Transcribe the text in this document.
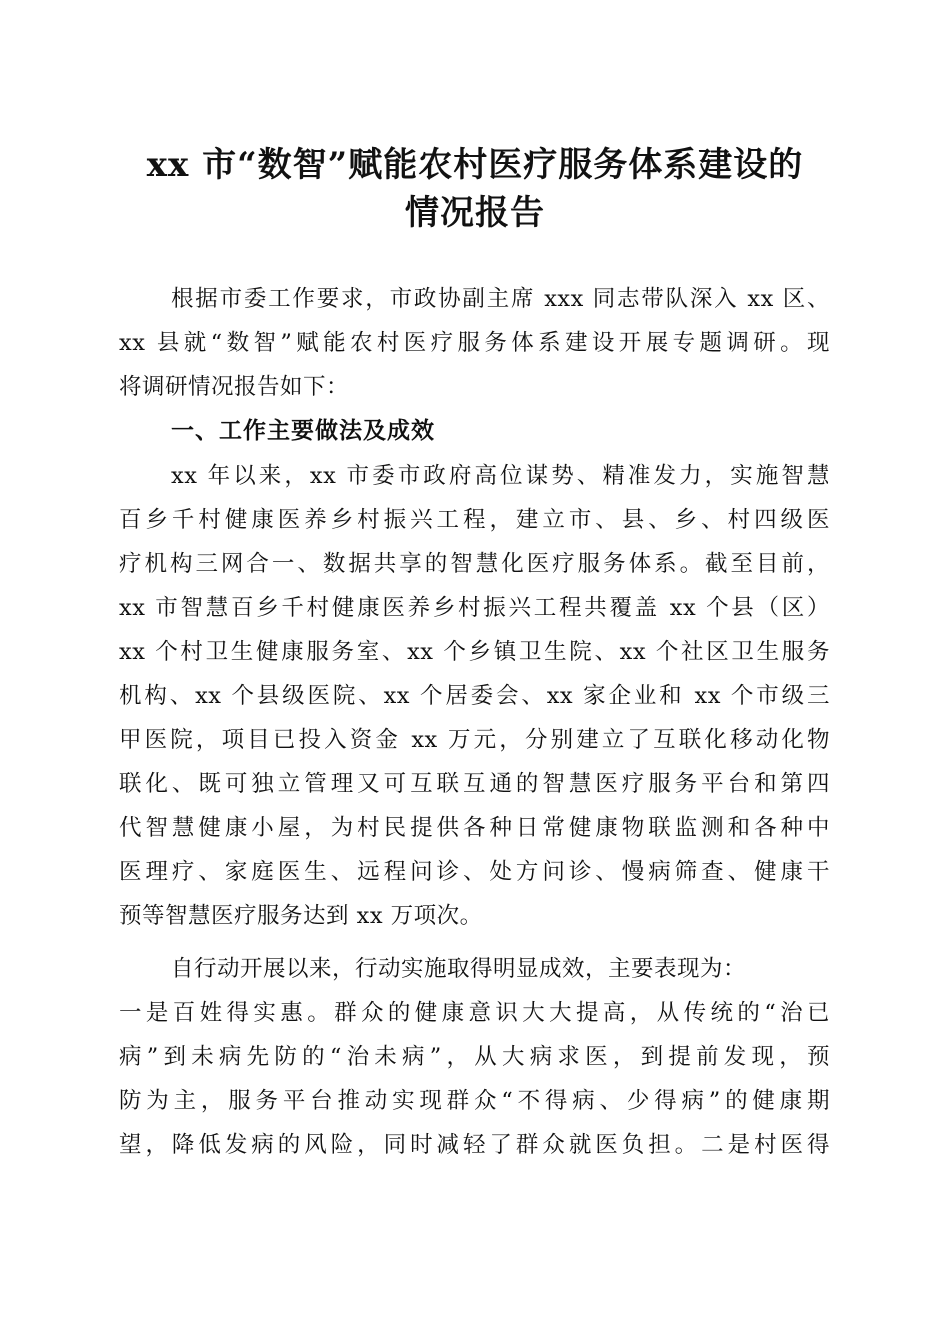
xx 市“数智”赋能农村医疗服务体系建设的
情况报告
根据市委工作要求，市政协副主席 xxx 同志带队深入 xx 区、
xx 县就“数智”赋能农村医疗服务体系建设开展专题调研。现
将调研情况报告如下：
一、工作主要做法及成效
xx 年以来，xx 市委市政府高位谋势、精准发力，实施智慧
百乡千村健康医养乡村振兴工程，建立市、县、乡、村四级医
疗机构三网合一、数据共享的智慧化医疗服务体系。截至目前，
xx 市智慧百乡千村健康医养乡村振兴工程共覆盖 xx 个县（区）
xx 个村卫生健康服务室、xx 个乡镇卫生院、xx 个社区卫生服务
机构、xx 个县级医院、xx 个居委会、xx 家企业和 xx 个市级三
甲医院，项目已投入资金 xx 万元，分别建立了互联化移动化物
联化、既可独立管理又可互联互通的智慧医疗服务平台和第四
代智慧健康小屋，为村民提供各种日常健康物联监测和各种中
医理疗、家庭医生、远程问诊、处方问诊、慢病筛查、健康干
预等智慧医疗服务达到 xx 万项次。
自行动开展以来，行动实施取得明显成效，主要表现为：
一是百姓得实惠。群众的健康意识大大提高，从传统的“治已
病”到未病先防的“治未病”，从大病求医，到提前发现，预
防为主，服务平台推动实现群众“不得病、少得病”的健康期
望，降低发病的风险，同时减轻了群众就医负担。二是村医得
